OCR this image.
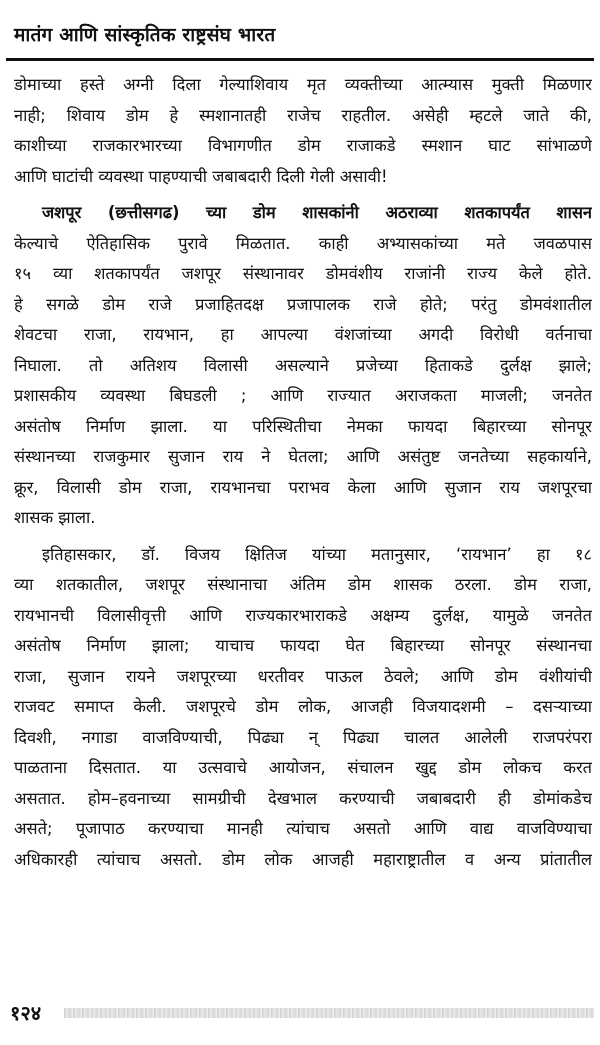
मातंग आणि सांस्कृतिक राष्ट्रसंघ भारत
डोमाच्या हस्ते अग्नी दिला गेल्याशिवाय मृत व्यक्तीच्या आत्म्यास मुक्ती मिळणार
नाही; शिवाय डोम हे स्मशानातही राजेच राहतील. असेही म्हटले जाते की,
काशीच्या राजकारभारच्या विभागणीत डोम राजाकडे स्मशान घाट सांभाळणे
आणि घाटांची व्यवस्था पाहण्याची जबाबदारी दिली गेली असावी!
जशपूर (छत्तीसगढ) च्या डोम शासकांनी अठराव्या शतकापर्यंत शासन
केल्याचे ऐतिहासिक पुरावे मिळतात. काही अभ्यासकांच्या मते जवळपास
१५ व्या शतकापर्यंत जशपूर संस्थानावर डोमवंशीय राजांनी राज्य केले होते.
हे सगळे डोम राजे प्रजाहितदक्ष प्रजापालक राजे होते; परंतु डोमवंशातील
शेवटचा राजा, रायभान, हा आपल्या वंशजांच्या अगदी विरोधी वर्तनाचा
निघाला. तो अतिशय विलासी असल्याने प्रजेच्या हिताकडे दुर्लक्ष झाले;
प्रशासकीय व्यवस्था बिघडली ; आणि राज्यात अराजकता माजली; जनतेत
असंतोष निर्माण झाला. या परिस्थितीचा नेमका फायदा बिहारच्या सोनपूर
संस्थानच्या राजकुमार सुजान राय ने घेतला; आणि असंतुष्ट जनतेच्या सहकार्याने,
क्रूर, विलासी डोम राजा, रायभानचा पराभव केला आणि सुजान राय जशपूरचा
शासक झाला.
इतिहासकार, डॉ. विजय क्षितिज यांच्या मतानुसार, ‘रायभान’ हा १८
व्या शतकातील, जशपूर संस्थानाचा अंतिम डोम शासक ठरला. डोम राजा,
रायभानची विलासीवृत्ती आणि राज्यकारभाराकडे अक्षम्य दुर्लक्ष, यामुळे जनतेत
असंतोष निर्माण झाला; याचाच फायदा घेत बिहारच्या सोनपूर संस्थानचा
राजा, सुजान रायने जशपूरच्या धरतीवर पाऊल ठेवले; आणि डोम वंशीयांची
राजवट समाप्त केली. जशपूरचे डोम लोक, आजही विजयादशमी – दसऱ्याच्या
दिवशी, नगाडा वाजविण्याची, पिढ्या न् पिढ्या चालत आलेली राजपरंपरा
पाळताना दिसतात. या उत्सवाचे आयोजन, संचालन खुद्द डोम लोकच करत
असतात. होम–हवनाच्या सामग्रीची देखभाल करण्याची जबाबदारी ही डोमांकडेच
असते; पूजापाठ करण्याचा मानही त्यांचाच असतो आणि वाद्य वाजविण्याचा
अधिकारही त्यांचाच असतो. डोम लोक आजही महाराष्ट्रातील व अन्य प्रांतातील
१२४
